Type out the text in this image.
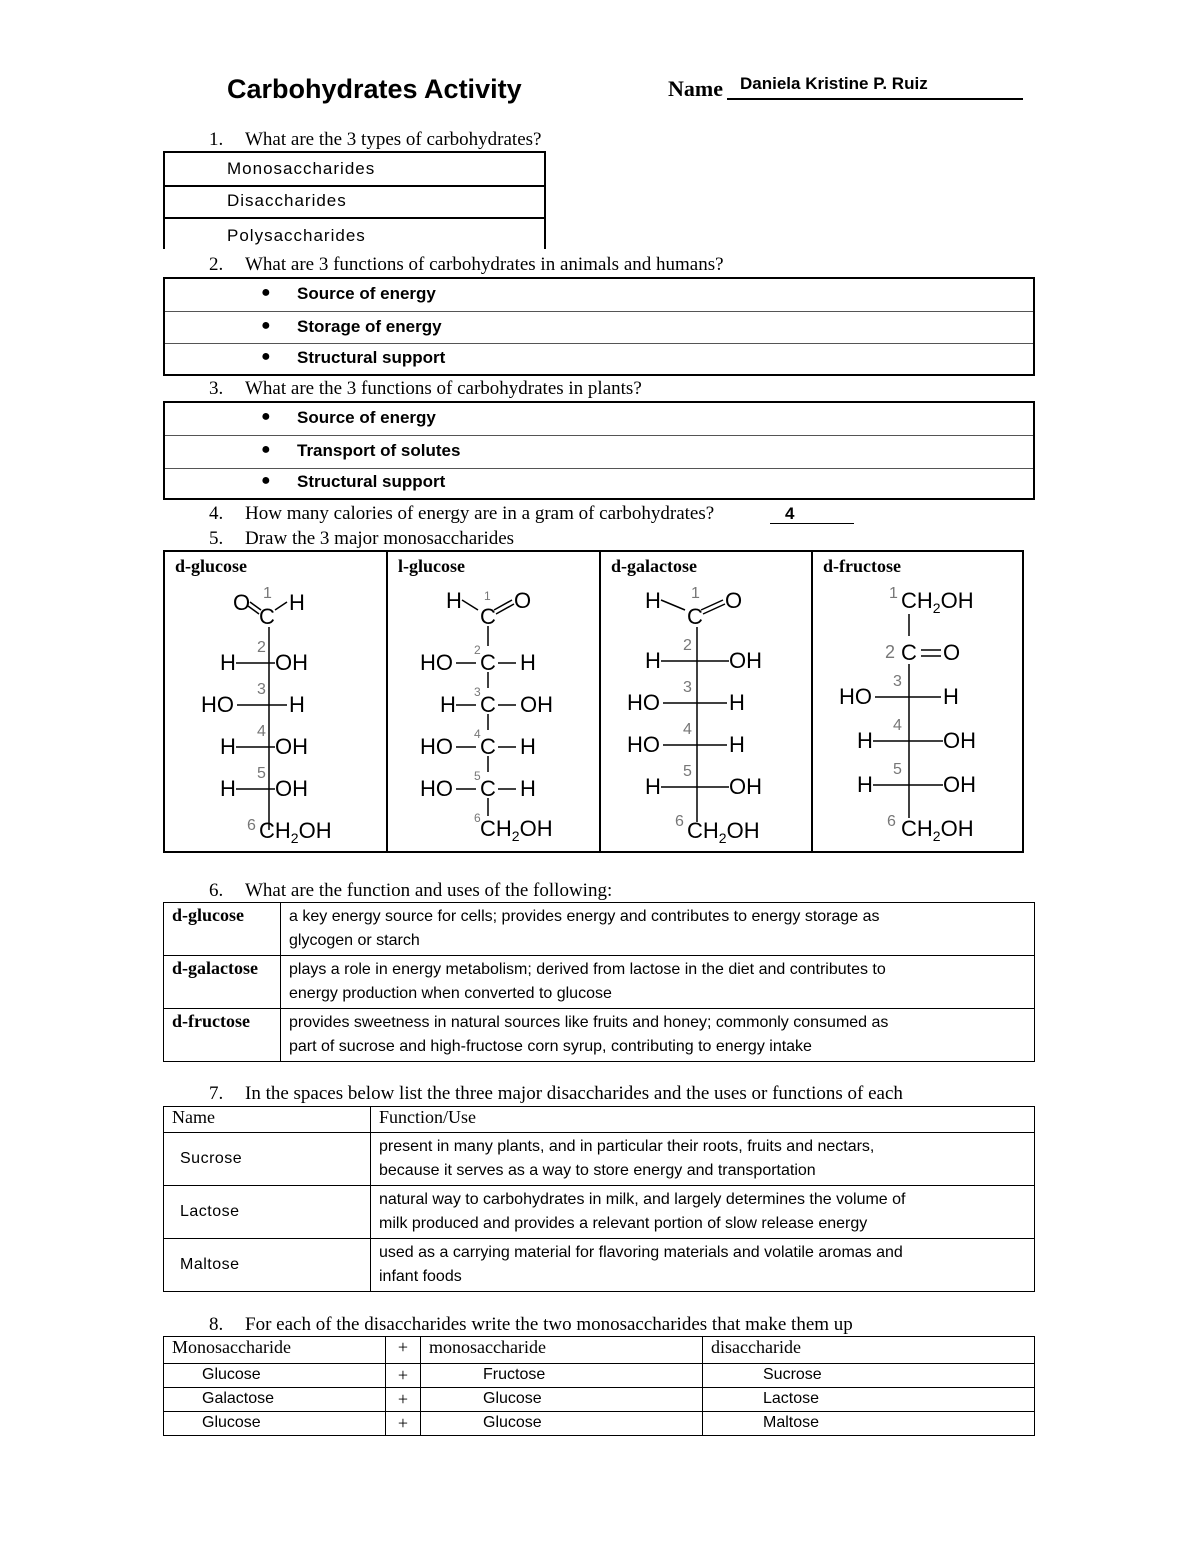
Carbohydrates Activity	Name Daniela Kristine P. Ruiz
1. What are the 3 types of carbohydrates?
Monosaccharides
Disaccharides
Polysaccharides
2. What are 3 functions of carbohydrates in animals and humans?
● Source of energy
● Storage of energy
● Structural support
3. What are the 3 functions of carbohydrates in plants?
● Source of energy
● Transport of solutes
● Structural support
4. How many calories of energy are in a gram of carbohydrates?	4
5. Draw the 3 major monosaccharides
d-glucose
O H
C
1
H OH
2
HO	H
3
H OH
4
H OH
5
6 $CH_2OH$
l-glucose
H O
C
1
HO C H
2
H C OH
3
HO C H
4
HO C H
5
6 $CH_2OH$
d-galactose
H	O
C
1
H	OH
2
HO	H
3
HO	H
4
H	OH
5
6 $CH_2OH$
d-fructose
1 $CH_2OH$
2 C O
HO	H
3
H	OH
4
H	OH
5
6 $CH_2OH$
6. What are the function and uses of the following:
d-glucose	a key energy source for cells; provides energy and contributes to energy storage as
glycogen or starch

d-galactose	plays a role in energy metabolism; derived from lactose in the diet and contributes to
energy production when converted to glucose

d-fructose	provides sweetness in natural sources like fruits and honey; commonly consumed as
part of sucrose and high-fructose corn syrup, contributing to energy intake
7. In the spaces below list the three major disaccharides and the uses or functions of each
Name	Function/Use
Sucrose	present in many plants, and in particular their roots, fruits and nectars,
because it serves as a way to store energy and transportation

Lactose	natural way to carbohydrates in milk, and largely determines the volume of
milk produced and provides a relevant portion of slow release energy

Maltose	used as a carrying material for flavoring materials and volatile aromas and
infant foods
8. For each of the disaccharides write the two monosaccharides that make them up
Monosaccharide	+	monosaccharide	disaccharide
Glucose	+	Fructose	Sucrose
Galactose	+	Glucose	Lactose
Glucose	+	Glucose	Maltose
